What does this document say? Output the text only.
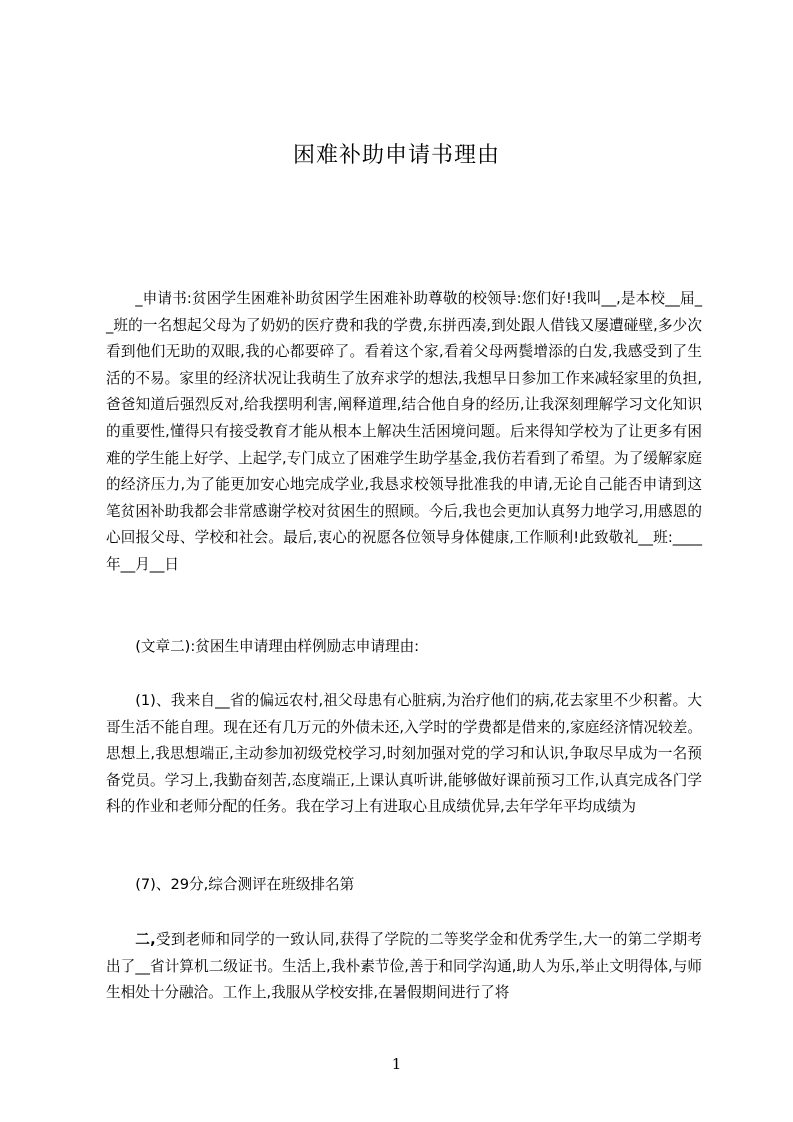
困难补助申请书理由

_申请书:贫困学生困难补助贫困学生困难补助尊敬的校领导:您们好!我叫__,是本校__届__班的一名想起父母为了奶奶的医疗费和我的学费,东拼西凑,到处跟人借钱又屡遭碰壁,多少次看到他们无助的双眼,我的心都要碎了。看着这个家,看着父母两鬓增添的白发,我感受到了生活的不易。家里的经济状况让我萌生了放弃求学的想法,我想早日参加工作来减轻家里的负担,爸爸知道后强烈反对,给我摆明利害,阐释道理,结合他自身的经历,让我深刻理解学习文化知识的重要性,懂得只有接受教育才能从根本上解决生活困境问题。后来得知学校为了让更多有困难的学生能上好学、上起学,专门成立了困难学生助学基金,我仿若看到了希望。为了缓解家庭的经济压力,为了能更加安心地完成学业,我恳求校领导批准我的申请,无论自己能否申请到这笔贫困补助我都会非常感谢学校对贫困生的照顾。今后,我也会更加认真努力地学习,用感恩的心回报父母、学校和社会。最后,衷心的祝愿各位领导身体健康,工作顺利!此致敬礼__班:____年__月__日

(文章二):贫困生申请理由样例励志申请理由:

(1)、我来自__省的偏远农村,祖父母患有心脏病,为治疗他们的病,花去家里不少积蓄。大哥生活不能自理。现在还有几万元的外债未还,入学时的学费都是借来的,家庭经济情况较差。思想上,我思想端正,主动参加初级党校学习,时刻加强对党的学习和认识,争取尽早成为一名预备党员。学习上,我勤奋刻苦,态度端正,上课认真听讲,能够做好课前预习工作,认真完成各门学科的作业和老师分配的任务。我在学习上有进取心且成绩优异,去年学年平均成绩为

(7)、29分,综合测评在班级排名第

二,受到老师和同学的一致认同,获得了学院的二等奖学金和优秀学生,大一的第二学期考出了__省计算机二级证书。生活上,我朴素节俭,善于和同学沟通,助人为乐,举止文明得体,与师生相处十分融洽。工作上,我服从学校安排,在暑假期间进行了将

1
